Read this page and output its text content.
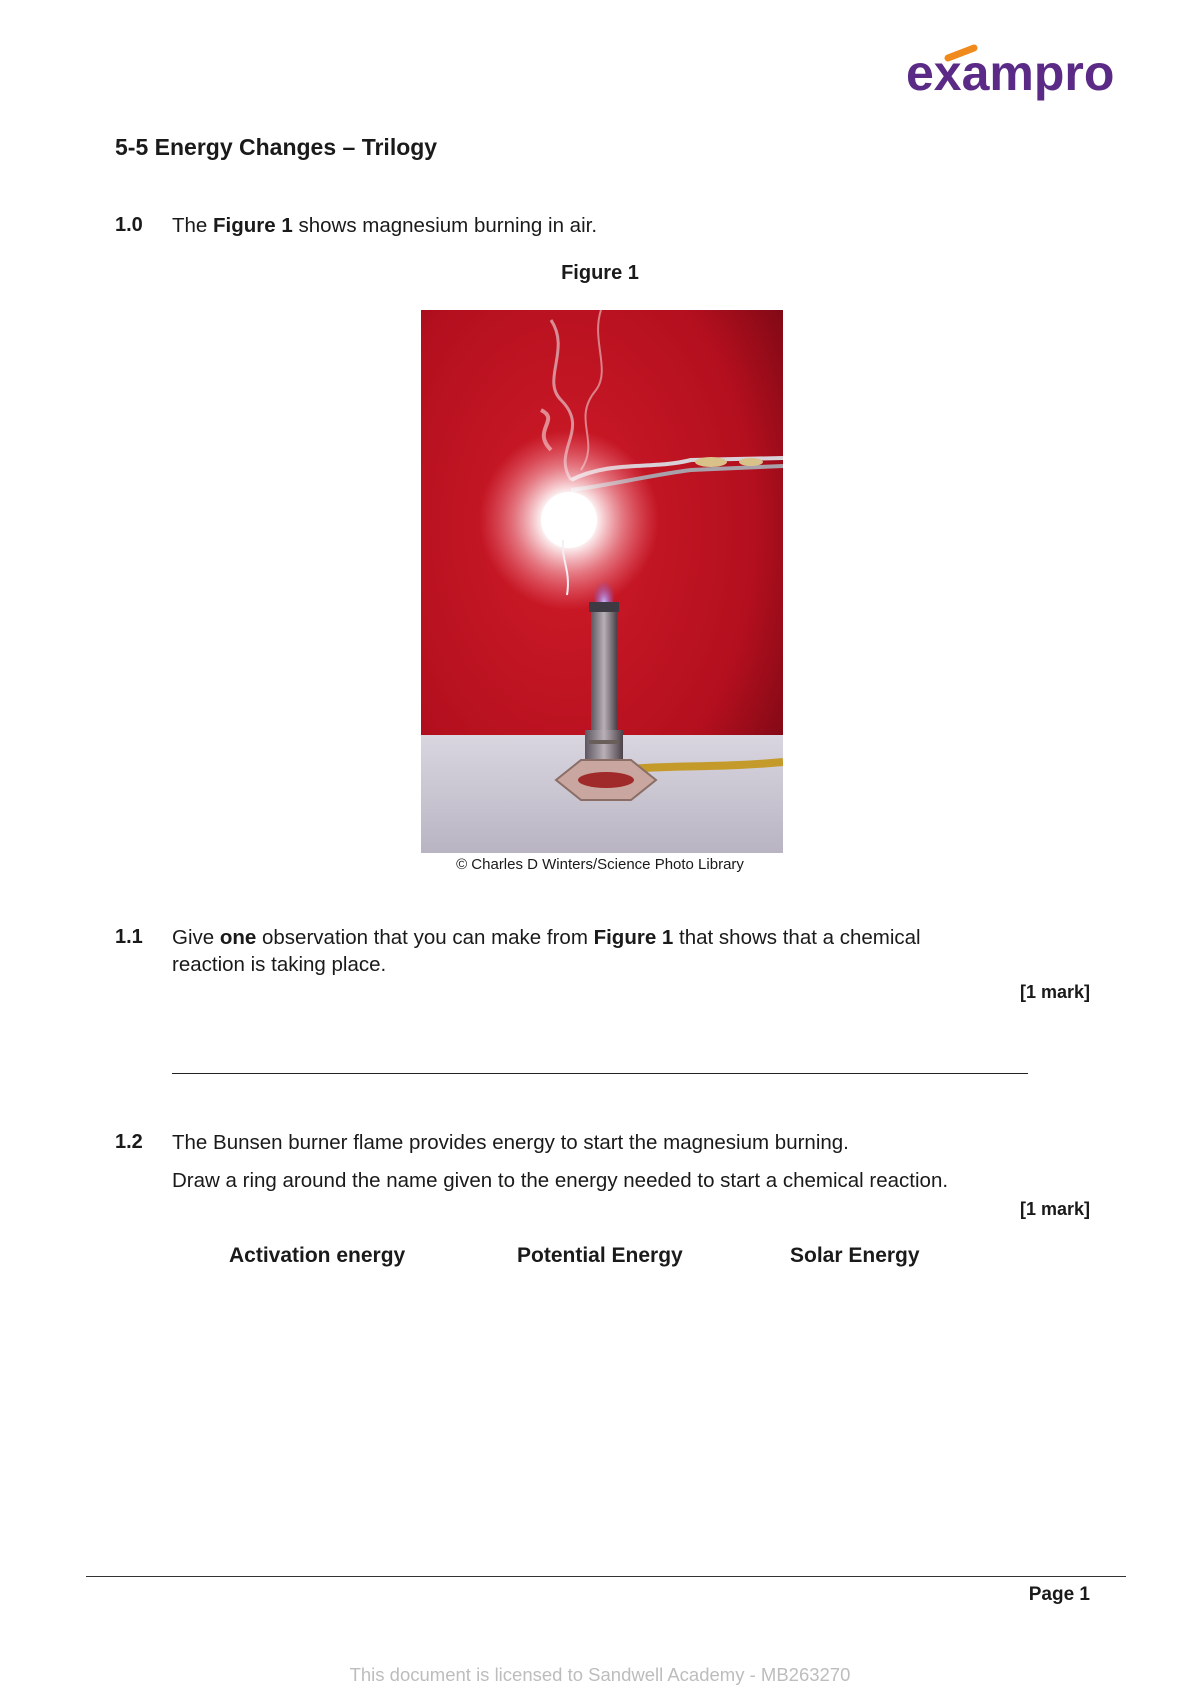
exampro
5-5 Energy Changes – Trilogy
1.0 The Figure 1 shows magnesium burning in air.
Figure 1
© Charles D Winters/Science Photo Library
1.1 Give one observation that you can make from Figure 1 that shows that a chemical
reaction is taking place.
[1 mark]
1.2 The Bunsen burner flame provides energy to start the magnesium burning.
Draw a ring around the name given to the energy needed to start a chemical reaction.
[1 mark]
Activation energy	Potential Energy	Solar Energy
Page 1
This document is licensed to Sandwell Academy - MB263270
